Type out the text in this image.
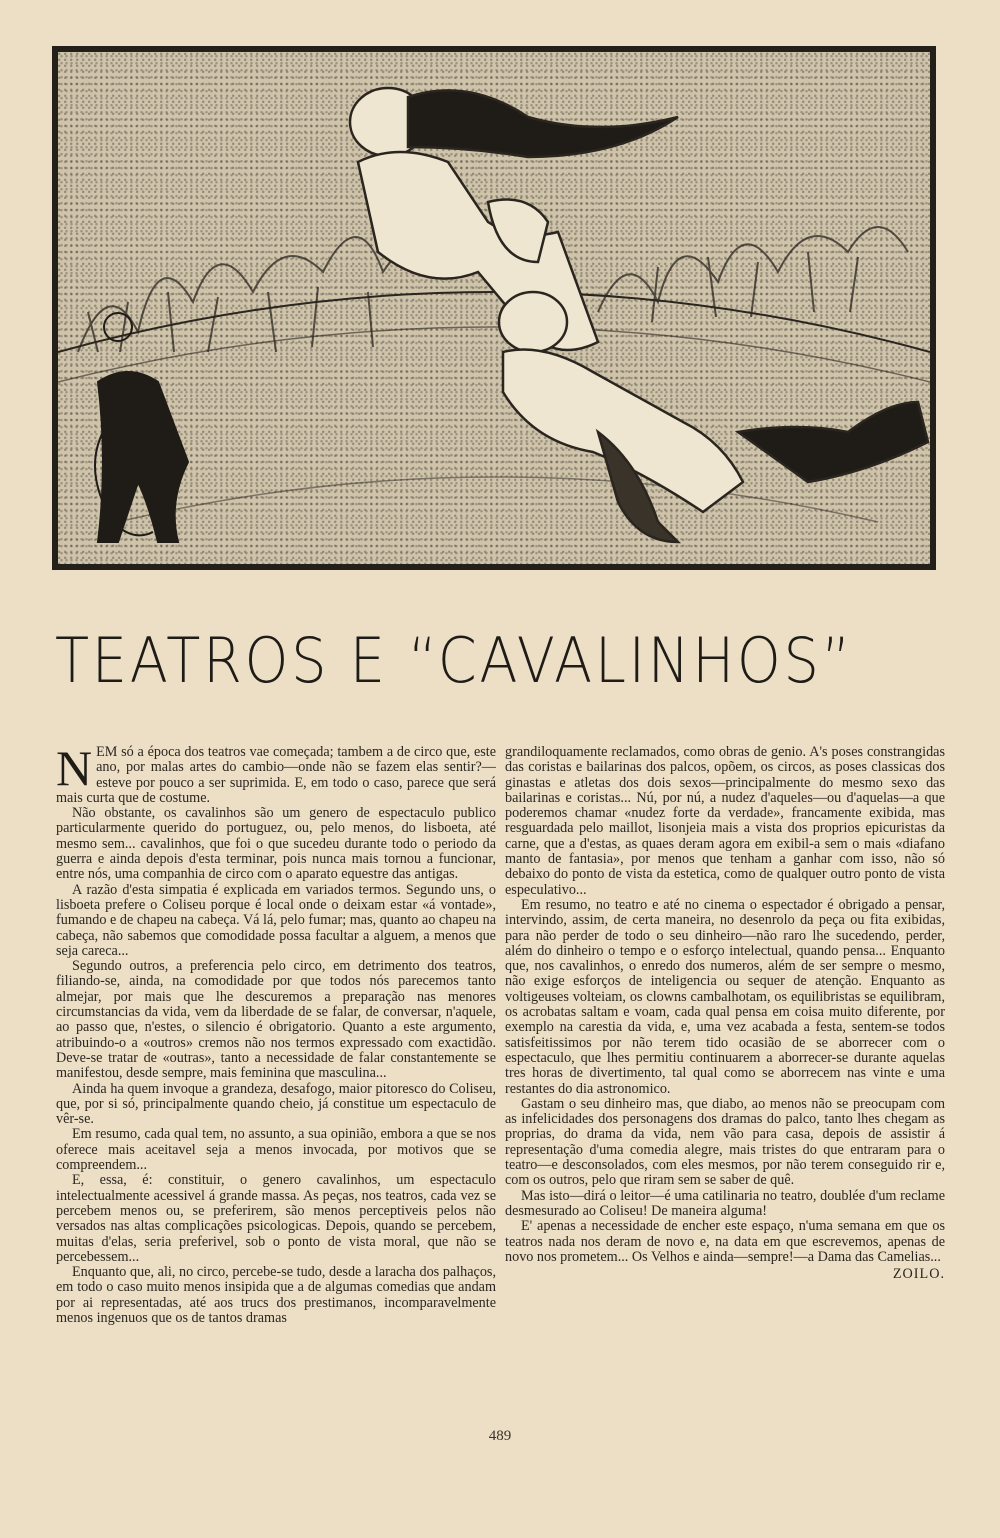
TEATROS E “CAVALINHOS”

NEM só a época dos teatros vae começada; tambem a de circo que, este ano, por malas artes do cambio—onde não se fazem elas sentir?—esteve por pouco a ser suprimida. E, em todo o caso, parece que será mais curta que de costume.

Não obstante, os cavalinhos são um genero de espectaculo publico particularmente querido do portuguez, ou, pelo menos, do lisboeta, até mesmo sem... cavalinhos, que foi o que sucedeu durante todo o periodo da guerra e ainda depois d'esta terminar, pois nunca mais tornou a funcionar, entre nós, uma companhia de circo com o aparato equestre das antigas.

A razão d'esta simpatia é explicada em variados termos. Segundo uns, o lisboeta prefere o Coliseu porque é local onde o deixam estar «á vontade», fumando e de chapeu na cabeça. Vá lá, pelo fumar; mas, quanto ao chapeu na cabeça, não sabemos que comodidade possa facultar a alguem, a menos que seja careca...

Segundo outros, a preferencia pelo circo, em detrimento dos teatros, filiando-se, ainda, na comodidade por que todos nós parecemos tanto almejar, por mais que lhe descuremos a preparação nas menores circumstancias da vida, vem da liberdade de se falar, de conversar, n'aquele, ao passo que, n'estes, o silencio é obrigatorio. Quanto a este argumento, atribuindo-o a «outros» cremos não nos termos expressado com exactidão. Deve-se tratar de «outras», tanto a necessidade de falar constantemente se manifestou, desde sempre, mais feminina que masculina...

Ainda ha quem invoque a grandeza, desafogo, maior pitoresco do Coliseu, que, por si só, principalmente quando cheio, já constitue um espectaculo de vêr-se.

Em resumo, cada qual tem, no assunto, a sua opinião, embora a que se nos oferece mais aceitavel seja a menos invocada, por motivos que se compreendem...

E, essa, é: constituir, o genero cavalinhos, um espectaculo intelectualmente acessivel á grande massa. As peças, nos teatros, cada vez se percebem menos ou, se preferirem, são menos perceptiveis pelos não versados nas altas complicações psicologicas. Depois, quando se percebem, muitas d'elas, seria preferivel, sob o ponto de vista moral, que não se percebessem...

Enquanto que, ali, no circo, percebe-se tudo, desde a laracha dos palhaços, em todo o caso muito menos insipida que a de algumas comedias que andam por ai representadas, até aos trucs dos prestimanos, incomparavelmente menos ingenuos que os de tantos dramas

grandiloquamente reclamados, como obras de genio. A's poses constrangidas das coristas e bailarinas dos palcos, opõem, os circos, as poses classicas dos ginastas e atletas dos dois sexos—principalmente do mesmo sexo das bailarinas e coristas... Nú, por nú, a nudez d'aqueles—ou d'aquelas—a que poderemos chamar «nudez forte da verdade», francamente exibida, mas resguardada pelo maillot, lisonjeia mais a vista dos proprios epicuristas da carne, que a d'estas, as quaes deram agora em exibil-a sem o mais «diafano manto de fantasia», por menos que tenham a ganhar com isso, não só debaixo do ponto de vista da estetica, como de qualquer outro ponto de vista especulativo...

Em resumo, no teatro e até no cinema o espectador é obrigado a pensar, intervindo, assim, de certa maneira, no desenrolo da peça ou fita exibidas, para não perder de todo o seu dinheiro—não raro lhe sucedendo, perder, além do dinheiro o tempo e o esforço intelectual, quando pensa... Enquanto que, nos cavalinhos, o enredo dos numeros, além de ser sempre o mesmo, não exige esforços de inteligencia ou sequer de atenção. Enquanto as voltigeuses volteiam, os clowns cambalhotam, os equilibristas se equilibram, os acrobatas saltam e voam, cada qual pensa em coisa muito diferente, por exemplo na carestia da vida, e, uma vez acabada a festa, sentem-se todos satisfeitissimos por não terem tido ocasião de se aborrecer com o espectaculo, que lhes permitiu continuarem a aborrecer-se durante aquelas tres horas de divertimento, tal qual como se aborrecem nas vinte e uma restantes do dia astronomico.

Gastam o seu dinheiro mas, que diabo, ao menos não se preocupam com as infelicidades dos personagens dos dramas do palco, tanto lhes chegam as proprias, do drama da vida, nem vão para casa, depois de assistir á representação d'uma comedia alegre, mais tristes do que entraram para o teatro—e desconsolados, com eles mesmos, por não terem conseguido rir e, com os outros, pelo que riram sem se saber de quê.

Mas isto—dirá o leitor—é uma catilinaria no teatro, doublée d'um reclame desmesurado ao Coliseu! De maneira alguma!

E' apenas a necessidade de encher este espaço, n'uma semana em que os teatros nada nos deram de novo e, na data em que escrevemos, apenas de novo nos prometem... Os Velhos e ainda—sempre!—a Dama das Camelias...

ZOILO.
489
